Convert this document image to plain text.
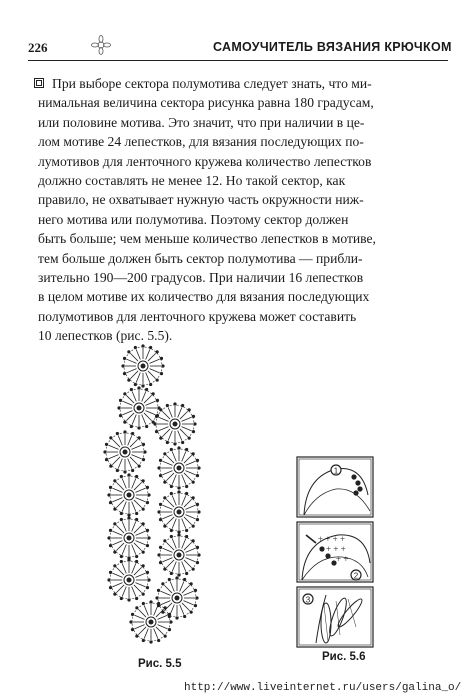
226	САМОУЧИТЕЛЬ ВЯЗАНИЯ КРЮЧКОМ
При выборе сектора полумотива следует знать, что ми-
нимальная величина сектора рисунка равна 180 градусам,
или половине мотива. Это значит, что при наличии в це-
лом мотиве 24 лепестков, для вязания последующих по-
лумотивов для ленточного кружева количество лепестков
должно составлять не менее 12. Но такой сектор, как
правило, не охватывает нужную часть окружности ниж-
него мотива или полумотива. Поэтому сектор должен
быть больше; чем меньше количество лепестков в мотиве,
тем больше должен быть сектор полумотива — прибли-
зительно 190—200 градусов. При наличии 16 лепестков
в целом мотиве их количество для вязания последующих
полумотивов для ленточного кружева может составить
10 лепестков (рис. 5.5).
Рис. 5.5
1
+ + + +
+ + +
+ +
2
3
Рис. 5.6
http://www.liveinternet.ru/users/galina_o/
